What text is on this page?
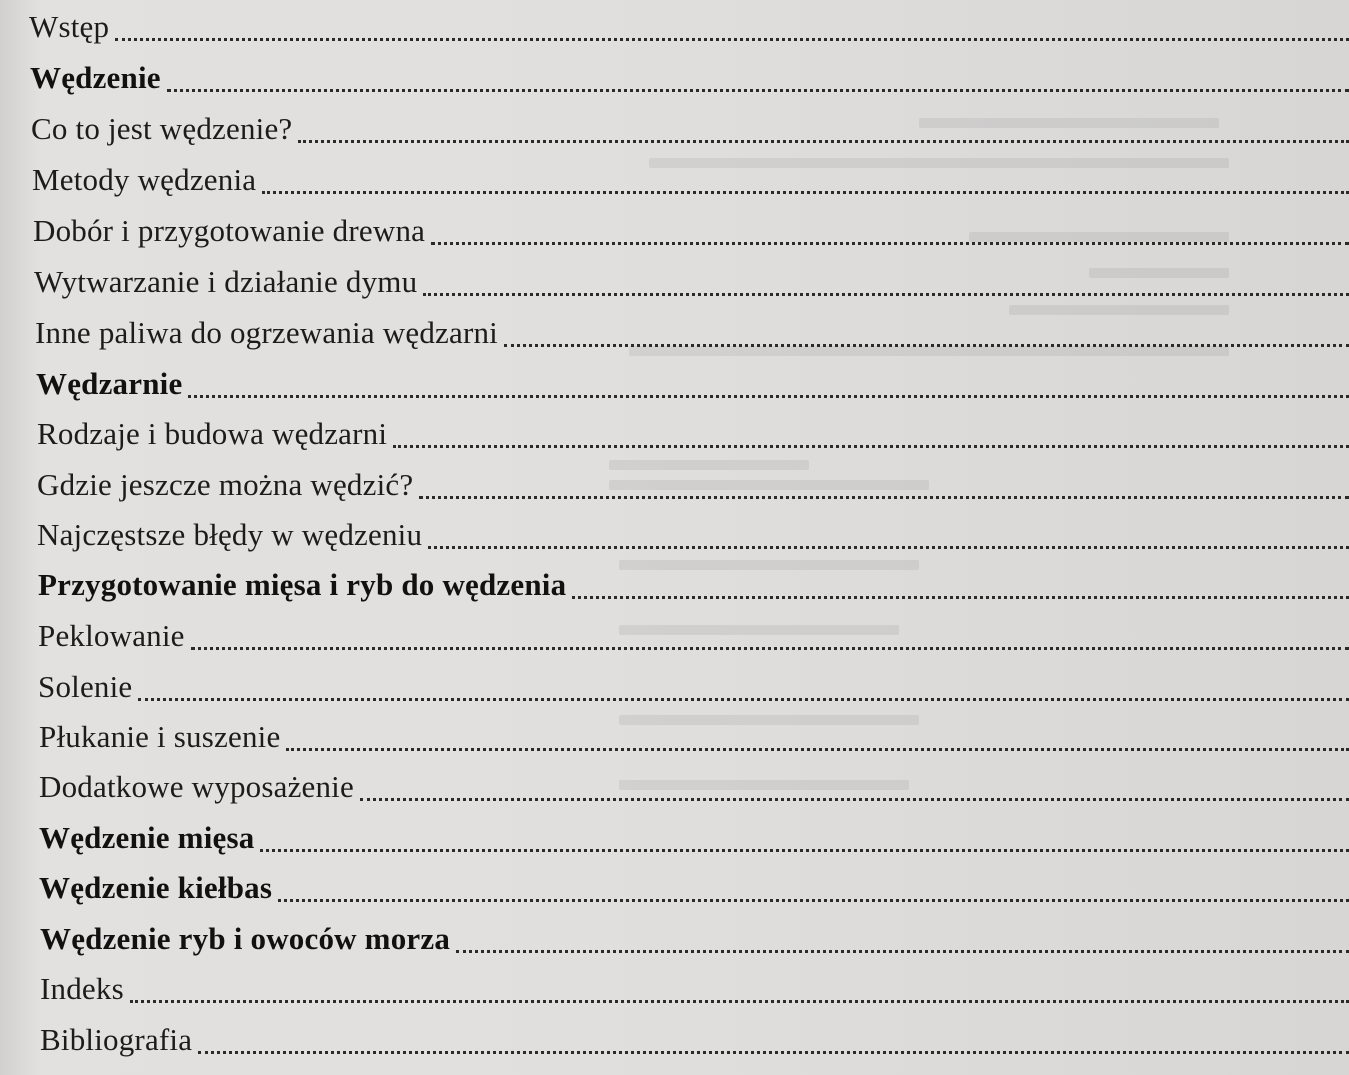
Wstęp
Wędzenie
Co to jest wędzenie?
Metody wędzenia
Dobór i przygotowanie drewna
Wytwarzanie i działanie dymu
Inne paliwa do ogrzewania wędzarni
Wędzarnie
Rodzaje i budowa wędzarni
Gdzie jeszcze można wędzić?
Najczęstsze błędy w wędzeniu
Przygotowanie mięsa i ryb do wędzenia
Peklowanie
Solenie
Płukanie i suszenie
Dodatkowe wyposażenie
Wędzenie mięsa
Wędzenie kiełbas
Wędzenie ryb i owoców morza
Indeks
Bibliografia
